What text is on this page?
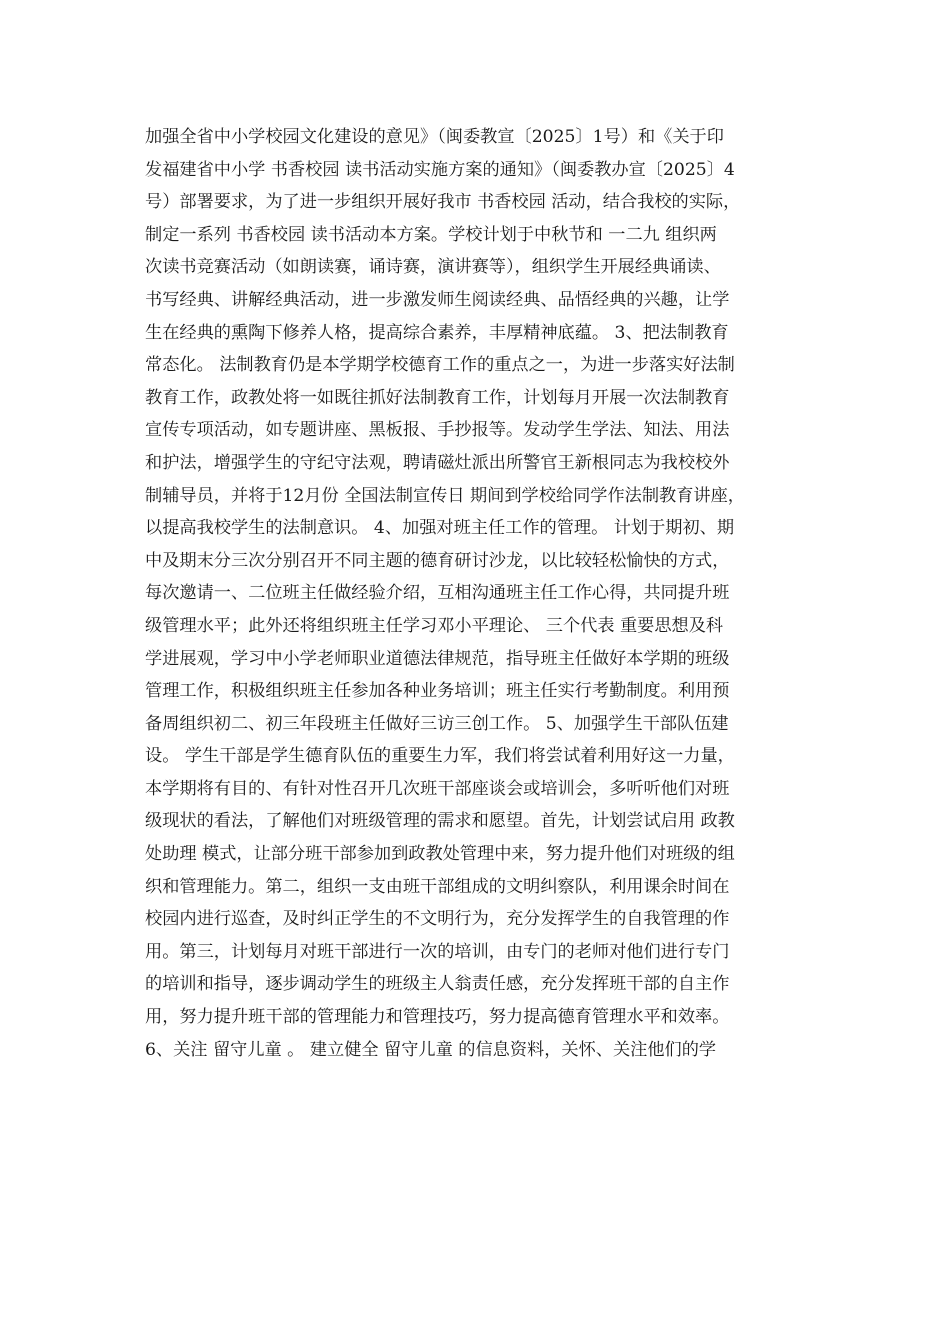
加强全省中小学校园文化建设的意见》（闽委教宣〔2025〕1号）和《关于印
发福建省中小学 书香校园 读书活动实施方案的通知》（闽委教办宣〔2025〕4
号）部署要求，为了进一步组织开展好我市 书香校园 活动，结合我校的实际，
制定一系列 书香校园 读书活动本方案。学校计划于中秋节和 一二九 组织两
次读书竞赛活动（如朗读赛，诵诗赛，演讲赛等），组织学生开展经典诵读、
书写经典、讲解经典活动，进一步激发师生阅读经典、品悟经典的兴趣，让学
生在经典的熏陶下修养人格，提高综合素养，丰厚精神底蕴。 3、把法制教育
常态化。 法制教育仍是本学期学校德育工作的重点之一，为进一步落实好法制
教育工作，政教处将一如既往抓好法制教育工作，计划每月开展一次法制教育
宣传专项活动，如专题讲座、黑板报、手抄报等。发动学生学法、知法、用法
和护法，增强学生的守纪守法观，聘请磁灶派出所警官王新根同志为我校校外
制辅导员，并将于12月份 全国法制宣传日 期间到学校给同学作法制教育讲座，
以提高我校学生的法制意识。 4、加强对班主任工作的管理。 计划于期初、期
中及期末分三次分别召开不同主题的德育研讨沙龙，以比较轻松愉快的方式，
每次邀请一、二位班主任做经验介绍，互相沟通班主任工作心得，共同提升班
级管理水平；此外还将组织班主任学习邓小平理论、 三个代表 重要思想及科
学进展观，学习中小学老师职业道德法律规范，指导班主任做好本学期的班级
管理工作，积极组织班主任参加各种业务培训；班主任实行考勤制度。利用预
备周组织初二、初三年段班主任做好三访三创工作。 5、加强学生干部队伍建
设。 学生干部是学生德育队伍的重要生力军，我们将尝试着利用好这一力量，
本学期将有目的、有针对性召开几次班干部座谈会或培训会，多听听他们对班
级现状的看法，了解他们对班级管理的需求和愿望。首先，计划尝试启用 政教
处助理 模式，让部分班干部参加到政教处管理中来，努力提升他们对班级的组
织和管理能力。第二，组织一支由班干部组成的文明纠察队，利用课余时间在
校园内进行巡查，及时纠正学生的不文明行为，充分发挥学生的自我管理的作
用。第三，计划每月对班干部进行一次的培训，由专门的老师对他们进行专门
的培训和指导，逐步调动学生的班级主人翁责任感，充分发挥班干部的自主作
用，努力提升班干部的管理能力和管理技巧，努力提高德育管理水平和效率。
6、关注 留守儿童 。 建立健全 留守儿童 的信息资料，关怀、关注他们的学
